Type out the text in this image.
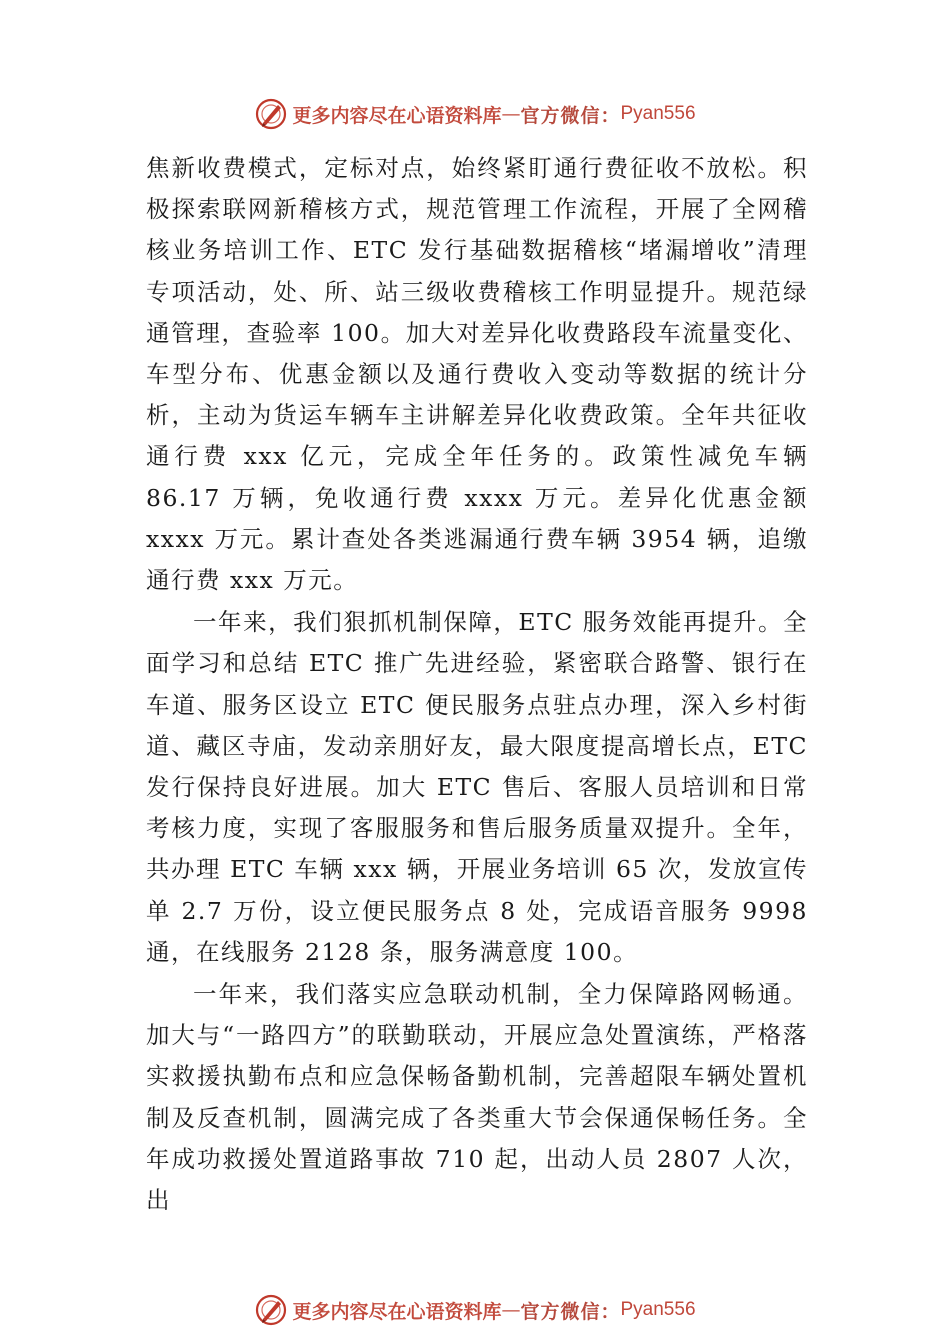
更多内容尽在心语资料库 — 官方微信： Pyan556

焦新收费模式，定标对点，始终紧盯通行费征收不放松。积极探索联网新稽核方式，规范管理工作流程，开展了全网稽核业务培训工作、ETC 发行基础数据稽核“堵漏增收”清理专项活动，处、所、站三级收费稽核工作明显提升。规范绿通管理，查验率 100。加大对差异化收费路段车流量变化、车型分布、优惠金额以及通行费收入变动等数据的统计分析，主动为货运车辆车主讲解差异化收费政策。全年共征收通行费 xxx 亿元，完成全年任务的。政策性减免车辆 86.17 万辆，免收通行费 xxxx 万元。差异化优惠金额 xxxx 万元。累计查处各类逃漏通行费车辆 3954 辆，追缴通行费 xxx 万元。

一年来，我们狠抓机制保障，ETC 服务效能再提升。全面学习和总结 ETC 推广先进经验，紧密联合路警、银行在车道、服务区设立 ETC 便民服务点驻点办理，深入乡村街道、藏区寺庙，发动亲朋好友，最大限度提高增长点，ETC 发行保持良好进展。加大 ETC 售后、客服人员培训和日常考核力度，实现了客服服务和售后服务质量双提升。全年，共办理 ETC 车辆 xxx 辆，开展业务培训 65 次，发放宣传单 2.7 万份，设立便民服务点 8 处，完成语音服务 9998 通，在线服务 2128 条，服务满意度 100。

一年来，我们落实应急联动机制，全力保障路网畅通。加大与“一路四方”的联勤联动，开展应急处置演练，严格落实救援执勤布点和应急保畅备勤机制，完善超限车辆处置机制及反查机制，圆满完成了各类重大节会保通保畅任务。全年成功救援处置道路事故 710 起，出动人员 2807 人次，出

更多内容尽在心语资料库 — 官方微信： Pyan556
